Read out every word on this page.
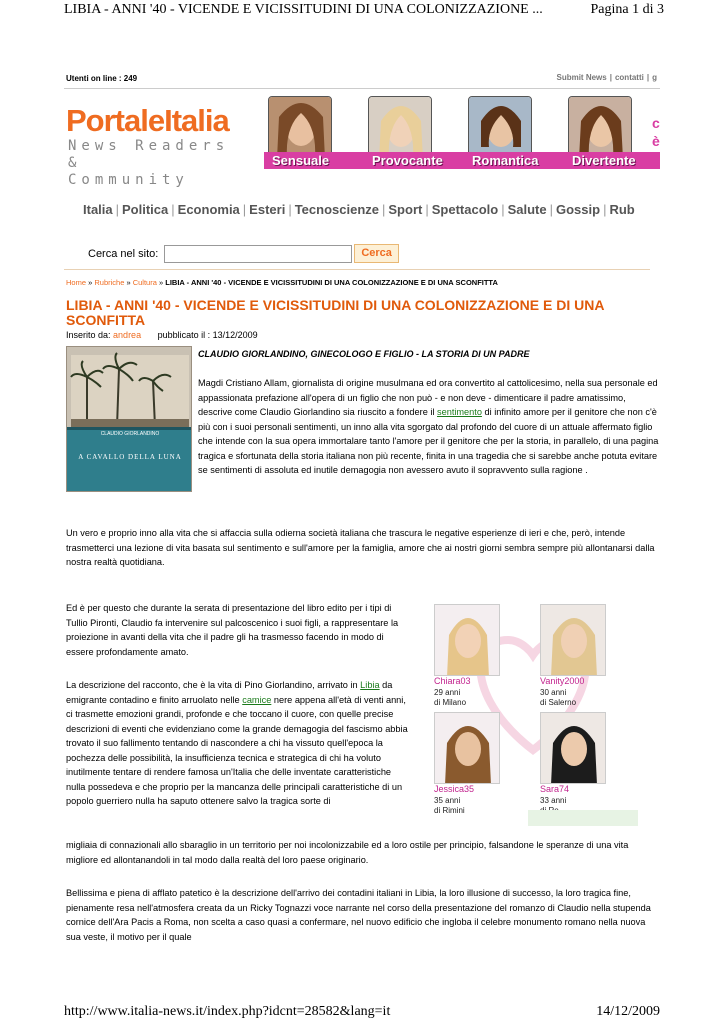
LIBIA - ANNI '40 - VICENDE E VICISSITUDINI DI UNA COLONIZZAZIONE ...	Pagina 1 di 3
Utenti on line : 249	Submit News | contatti | g
PortaleItalia
News Readers &
Community
Sensuale	Provocante	Romantica	Divertente
c
è
Italia | Politica | Economia | Esteri | Tecnoscienze | Sport | Spettacolo | Salute | Gossip | Rub
Cerca nel sito:	Cerca
Home » Rubriche » Cultura » LIBIA - ANNI '40 - VICENDE E VICISSITUDINI DI UNA COLONIZZAZIONE E DI UNA SCONFITTA
LIBIA - ANNI '40 - VICENDE E VICISSITUDINI DI UNA COLONIZZAZIONE E DI UNA SCONFITTA
Inserito da: andrea pubblicato il : 13/12/2009
CLAUDIO GIORLANDINO
A CAVALLO DELLA LUNA
CLAUDIO GIORLANDINO, GINECOLOGO E FIGLIO - LA STORIA DI UN PADRE
Magdi Cristiano Allam, giornalista di origine musulmana ed ora convertito al cattolicesimo, nella sua personale ed appassionata prefazione all'opera di un figlio che non può - e non deve - dimenticare il padre amatissimo, descrive come Claudio Giorlandino sia riuscito a fondere il sentimento di infinito amore per il genitore che non c'è più con i suoi personali sentimenti, un inno alla vita sgorgato dal profondo del cuore di un attuale affermato figlio che intende con la sua opera immortalare tanto l'amore per il genitore che per la storia, in parallelo, di una pagina tragica e sfortunata della storia italiana non più recente, finita in una tragedia che si sarebbe anche potuta evitare se sentimenti di assoluta ed inutile demagogia non avessero avuto il sopravvento sulla ragione .
Un vero e proprio inno alla vita che si affaccia sulla odierna società italiana che trascura le negative esperienze di ieri e che, però, intende trasmetterci una lezione di vita basata sul sentimento e sull'amore per la famiglia, amore che ai nostri giorni sembra sempre più allontanarsi dalla nostra realtà quotidiana.
Ed è per questo che durante la serata di presentazione del libro edito per i tipi di Tullio Pironti, Claudio fa intervenire sul palcoscenico i suoi figli, a rappresentare la proiezione in avanti della vita che il padre gli ha trasmesso facendo in modo di essere profondamente amato.
La descrizione del racconto, che è la vita di Pino Giorlandino, arrivato in Libia da emigrante contadino e finito arruolato nelle camice nere appena all'età di venti anni, ci trasmette emozioni grandi, profonde e che toccano il cuore, con quelle precise descrizioni di eventi che evidenziano come la grande demagogia del fascismo abbia trovato il suo fallimento tentando di nascondere a chi ha vissuto quell'epoca la pochezza delle possibilità, la insufficienza tecnica e strategica di chi ha voluto inutilmente tentare di rendere famosa un'Italia che delle inventate caratteristiche nulla possedeva e che proprio per la mancanza delle principali caratteristiche di un popolo guerriero nulla ha saputo ottenere salvo la tragica sorte di
migliaia di connazionali allo sbaraglio in un territorio per noi incolonizzabile ed a loro ostile per principio, falsandone le speranze di una vita migliore ed allontanandoli in tal modo dalla realtà del loro paese originario.
Bellissima e piena di afflato patetico è la descrizione dell'arrivo dei contadini italiani in Libia, la loro illusione di successo, la loro tragica fine, pienamente resa nell'atmosfera creata da un Ricky Tognazzi voce narrante nel corso della presentazione del romanzo di Claudio nella stupenda cornice dell'Ara Pacis a Roma, non scelta a caso quasi a confermare, nel nuovo edificio che ingloba il celebre monumento romano nella nuova sua veste, il motivo per il quale
Chiara03
29 anni
di Milano
Vanity2000
30 anni
di Salerno
Jessica35
35 anni
di Rimini
Sara74
33 anni
http://www.italia-news.it/index.php?idcnt=28582&lang=it	14/12/2009
